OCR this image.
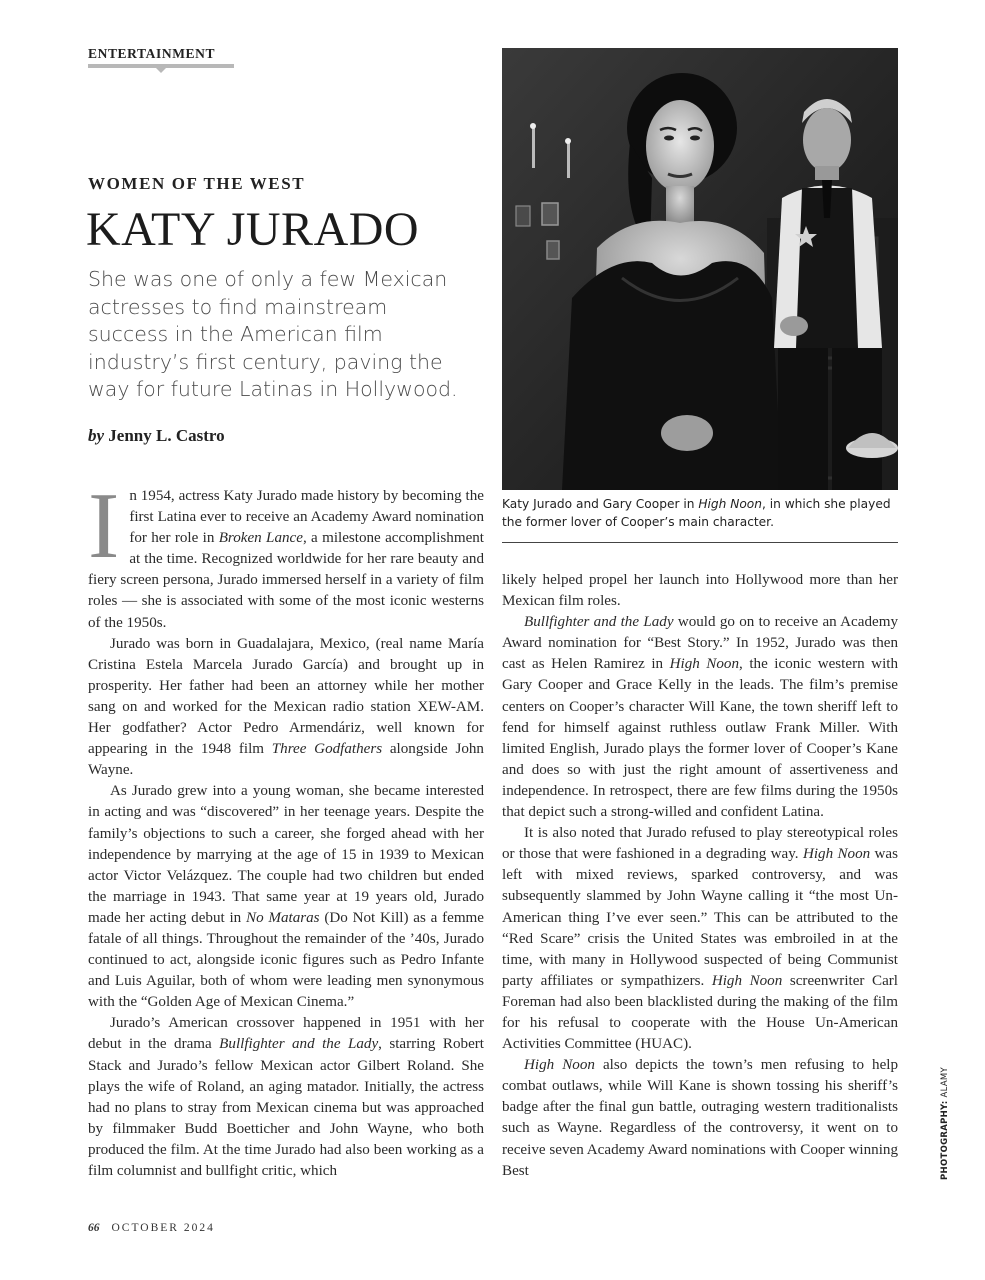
ENTERTAINMENT
WOMEN OF THE WEST
KATY JURADO
She was one of only a few Mexican actresses to find mainstream success in the American film industry’s first century, paving the way for future Latinas in Hollywood.
by Jenny L. Castro
Katy Jurado and Gary Cooper in High Noon, in which she played the former lover of Cooper’s main character.

In 1954, actress Katy Jurado made history by becoming the first Latina ever to receive an Academy Award nomination for her role in Broken Lance, a milestone accomplishment at the time. Recognized worldwide for her rare beauty and fiery screen persona, Jurado immersed herself in a variety of film roles — she is associated with some of the most iconic westerns of the 1950s.

Jurado was born in Guadalajara, Mexico, (real name María Cristina Estela Marcela Jurado García) and brought up in prosperity. Her father had been an attorney while her mother sang on and worked for the Mexican radio station XEW-AM. Her godfather? Actor Pedro Armendáriz, well known for appearing in the 1948 film Three Godfathers alongside John Wayne.

As Jurado grew into a young woman, she became interested in acting and was “discovered” in her teenage years. Despite the family’s objections to such a career, she forged ahead with her independence by marrying at the age of 15 in 1939 to Mexican actor Victor Velázquez. The couple had two children but ended the marriage in 1943. That same year at 19 years old, Jurado made her acting debut in No Mataras (Do Not Kill) as a femme fatale of all things. Throughout the remainder of the ’40s, Jurado continued to act, alongside iconic figures such as Pedro Infante and Luis Aguilar, both of whom were leading men synonymous with the “Golden Age of Mexican Cinema.”

Jurado’s American crossover happened in 1951 with her debut in the drama Bullfighter and the Lady, starring Robert Stack and Jurado’s fellow Mexican actor Gilbert Roland. She plays the wife of Roland, an aging matador. Initially, the actress had no plans to stray from Mexican cinema but was approached by filmmaker Budd Boetticher and John Wayne, who both produced the film. At the time Jurado had also been working as a film columnist and bullfight critic, which

likely helped propel her launch into Hollywood more than her Mexican film roles.

Bullfighter and the Lady would go on to receive an Academy Award nomination for “Best Story.” In 1952, Jurado was then cast as Helen Ramirez in High Noon, the iconic western with Gary Cooper and Grace Kelly in the leads. The film’s premise centers on Cooper’s character Will Kane, the town sheriff left to fend for himself against ruthless outlaw Frank Miller. With limited English, Jurado plays the former lover of Cooper’s Kane and does so with just the right amount of assertiveness and independence. In retrospect, there are few films during the 1950s that depict such a strong-willed and confident Latina.

It is also noted that Jurado refused to play stereotypical roles or those that were fashioned in a degrading way. High Noon was left with mixed reviews, sparked controversy, and was subsequently slammed by John Wayne calling it “the most Un-American thing I’ve ever seen.” This can be attributed to the “Red Scare” crisis the United States was embroiled in at the time, with many in Hollywood suspected of being Communist party affiliates or sympathizers. High Noon screenwriter Carl Foreman had also been blacklisted during the making of the film for his refusal to cooperate with the House Un-American Activities Committee (HUAC).

High Noon also depicts the town’s men refusing to help combat outlaws, while Will Kane is shown tossing his sheriff’s badge after the final gun battle, outraging western traditionalists such as Wayne. Regardless of the controversy, it went on to receive seven Academy Award nominations with Cooper winning Best	PHOTOGRAPHY: ALAMY
66 OCTOBER 2024
